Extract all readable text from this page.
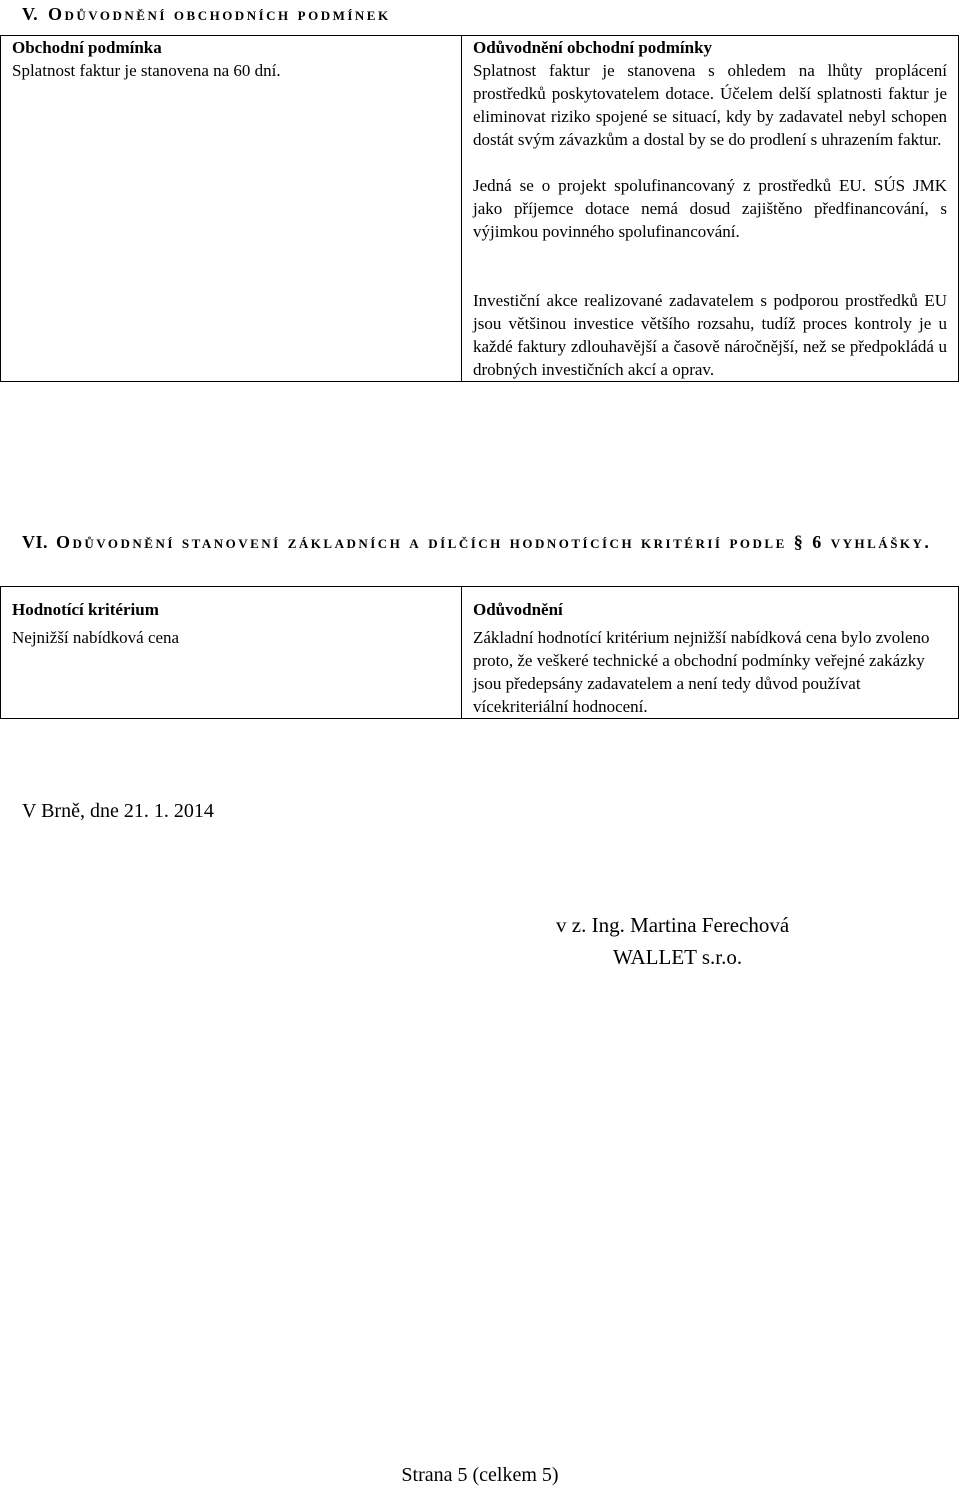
V. Odůvodnění obchodních podmínek
Obchodní podmínka	Odůvodnění obchodní podmínky
Splatnost faktur je stanovena na 60 dní.	Splatnost faktur je stanovena s ohledem na lhůty proplácení prostředků poskytovatelem dotace. Účelem delší splatnosti faktur je eliminovat riziko spojené se situací, kdy by zadavatel nebyl schopen dostát svým závazkům a dostal by se do prodlení s uhrazením faktur.

Jedná se o projekt spolufinancovaný z prostředků EU. SÚS JMK jako příjemce dotace nemá dosud zajištěno předfinancování, s výjimkou povinného spolufinancování.

Investiční akce realizované zadavatelem s podporou prostředků EU jsou většinou investice většího rozsahu, tudíž proces kontroly je u každé faktury zdlouhavější a časově náročnější, než se předpokládá u drobných investičních akcí a oprav.

VI. Odůvodnění stanovení základních a dílčích hodnotících kritérií podle § 6 vyhlášky.
Hodnotící kritérium	Odůvodnění
Nejnižší nabídková cena	Základní hodnotící kritérium nejnižší nabídková cena bylo zvoleno proto, že veškeré technické a obchodní podmínky veřejné zakázky jsou předepsány zadavatelem a není tedy důvod používat vícekriteriální hodnocení.

V Brně, dne 21. 1. 2014
v z. Ing. Martina Ferechová
WALLET s.r.o.
Strana 5 (celkem 5)
